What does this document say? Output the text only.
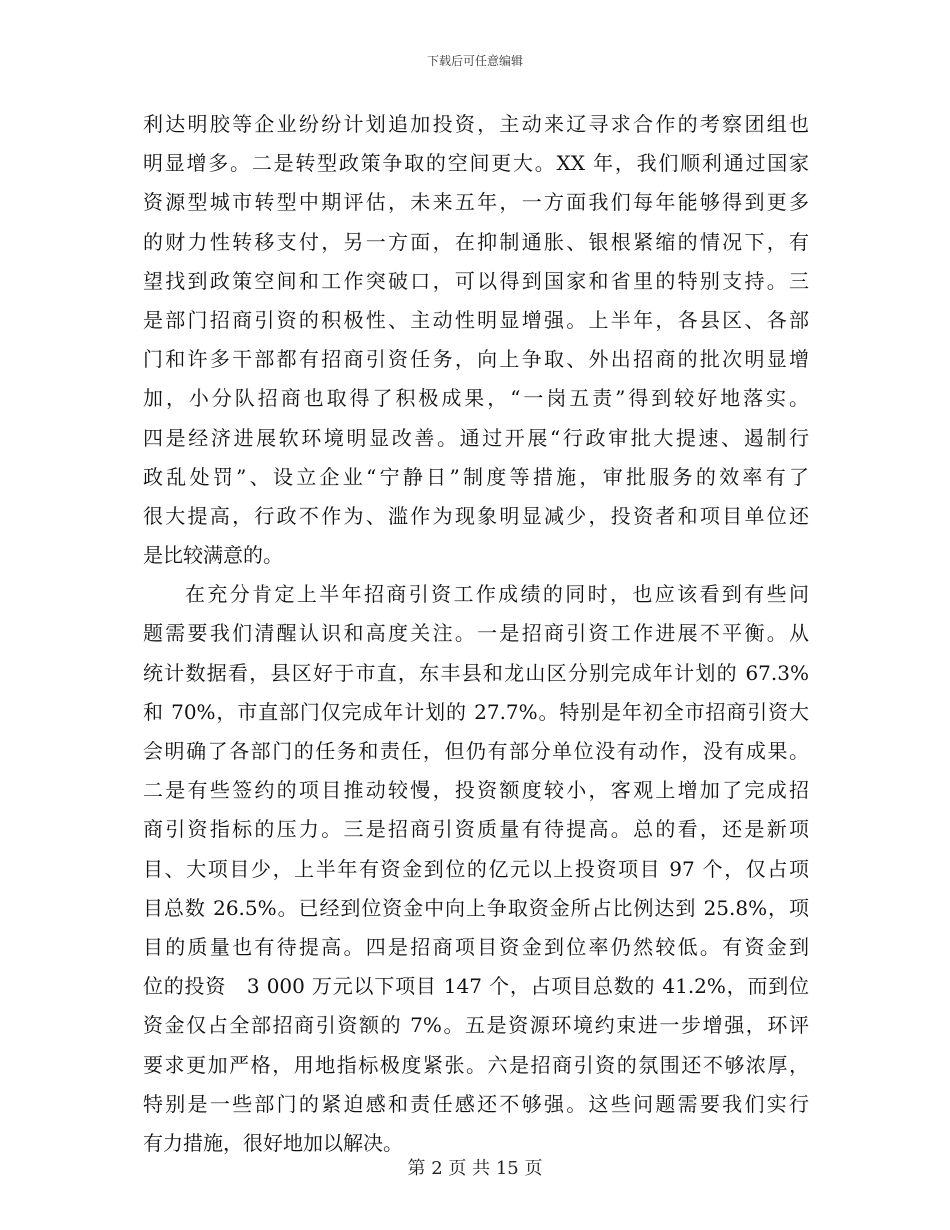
下载后可任意编辑
利达明胶等企业纷纷计划追加投资，主动来辽寻求合作的考察团组也
明显增多。二是转型政策争取的空间更大。XX 年，我们顺利通过国家
资源型城市转型中期评估，未来五年，一方面我们每年能够得到更多
的财力性转移支付，另一方面，在抑制通胀、银根紧缩的情况下，有
望找到政策空间和工作突破口，可以得到国家和省里的特别支持。三
是部门招商引资的积极性、主动性明显增强。上半年，各县区、各部
门和许多干部都有招商引资任务，向上争取、外出招商的批次明显增
加，小分队招商也取得了积极成果，“一岗五责”得到较好地落实。
四是经济进展软环境明显改善。通过开展“行政审批大提速、遏制行
政乱处罚”、设立企业“宁静日”制度等措施，审批服务的效率有了
很大提高，行政不作为、滥作为现象明显减少，投资者和项目单位还
是比较满意的。
在充分肯定上半年招商引资工作成绩的同时，也应该看到有些问
题需要我们清醒认识和高度关注。一是招商引资工作进展不平衡。从
统计数据看，县区好于市直，东丰县和龙山区分别完成年计划的 67.3%
和 70%，市直部门仅完成年计划的 27.7%。特别是年初全市招商引资大
会明确了各部门的任务和责任，但仍有部分单位没有动作，没有成果。
二是有些签约的项目推动较慢，投资额度较小，客观上增加了完成招
商引资指标的压力。三是招商引资质量有待提高。总的看，还是新项
目、大项目少，上半年有资金到位的亿元以上投资项目 97 个，仅占项
目总数 26.5%。已经到位资金中向上争取资金所占比例达到 25.8%，项
目的质量也有待提高。四是招商项目资金到位率仍然较低。有资金到
位的投资　3 000 万元以下项目 147 个，占项目总数的 41.2%，而到位
资金仅占全部招商引资额的 7%。五是资源环境约束进一步增强，环评
要求更加严格，用地指标极度紧张。六是招商引资的氛围还不够浓厚，
特别是一些部门的紧迫感和责任感还不够强。这些问题需要我们实行
有力措施，很好地加以解决。
第 2 页 共 15 页
